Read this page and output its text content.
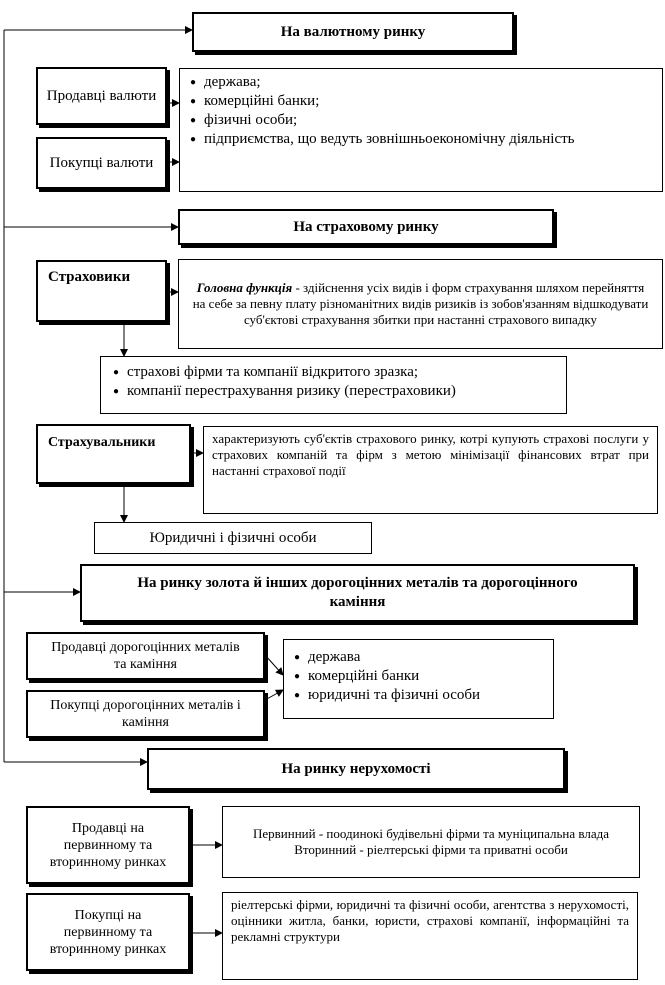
На валютному ринку
Продавці валюти
Покупці валюти
● держава;
● комерційні банки;
● фізичні особи;
● підприємства, що ведуть зовнішньоекономічну діяльність
На страховому ринку
Страховики
Головна функція - здійснення усіх видів і форм страхування шляхом перейняття на себе за певну плату різноманітних видів ризиків із зобов'язанням відшкодувати суб'єктові страхування збитки при настанні страхового випадку
● страхові фірми та компанії відкритого зразка;
● компанії перестрахування ризику (перестраховики)
Страхувальники	характеризують суб'єктів страхового ринку, котрі купують страхові послуги у страхових компаній та фірм з метою мінімізації фінансових втрат при настанні страхової події
Юридичні і фізичні особи
На ринку золота й інших дорогоцінних металів та дорогоцінного каміння
Продавці дорогоцінних металів та каміння
Покупці дорогоцінних металів і каміння
● держава
● комерційні банки
● юридичні та фізичні особи
На ринку нерухомості
Продавці на первинному та вторинному ринках
Первинний - поодинокі будівельні фірми та муніципальна влада
Вторинний - ріелтерські фірми та приватні особи
Покупці на первинному та вторинному ринках
ріелтерські фірми, юридичні та фізичні особи, агентства з нерухомості, оцінники житла, банки, юристи, страхові компанії, інформаційні та рекламні структури
